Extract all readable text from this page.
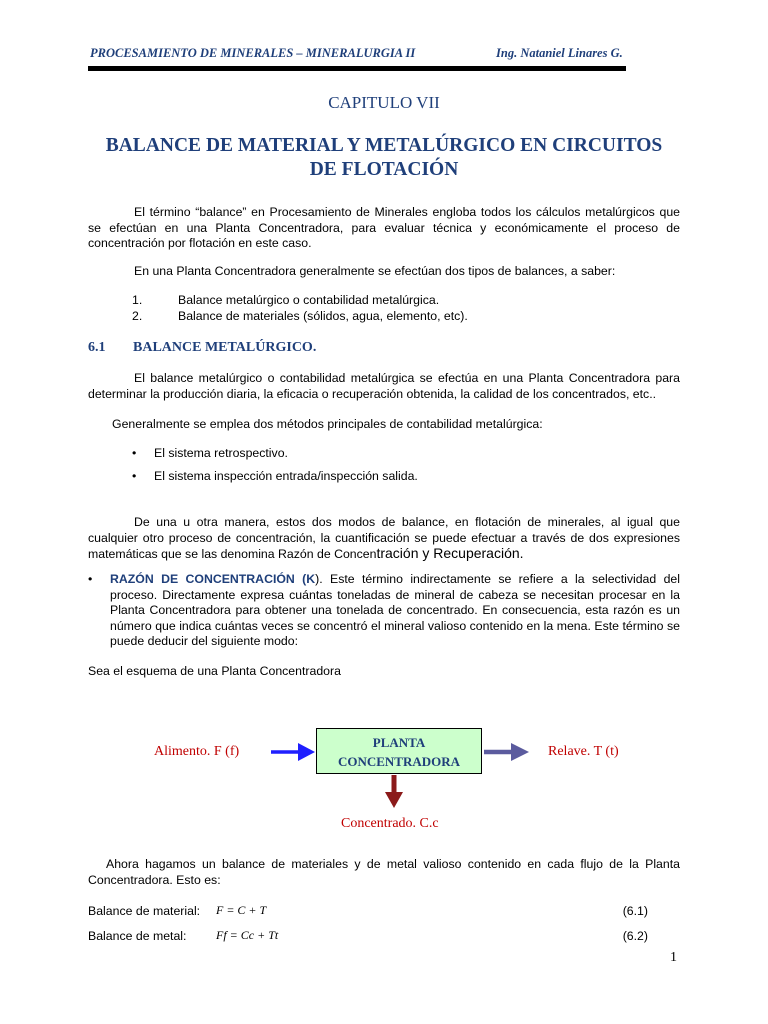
PROCESAMIENTO DE MINERALES – MINERALURGIA II	Ing. Nataniel Linares G.
CAPITULO VII
BALANCE DE MATERIAL Y METALÚRGICO EN CIRCUITOS
DE FLOTACIÓN
El término “balance” en Procesamiento de Minerales engloba todos los cálculos metalúrgicos que se efectúan en una Planta Concentradora, para evaluar técnica y económicamente el proceso de concentración por flotación en este caso.
En una Planta Concentradora generalmente se efectúan dos tipos de balances, a saber:
1.	Balance metalúrgico o contabilidad metalúrgica.
2.	Balance de materiales (sólidos, agua, elemento, etc).
6.1 BALANCE METALÚRGICO.
El balance metalúrgico o contabilidad metalúrgica se efectúa en una Planta Concentradora para determinar la producción diaria, la eficacia o recuperación obtenida, la calidad de los concentrados, etc..
Generalmente se emplea dos métodos principales de contabilidad metalúrgica:
• El sistema retrospectivo.
• El sistema inspección entrada/inspección salida.
De una u otra manera, estos dos modos de balance, en flotación de minerales, al igual que cualquier otro proceso de concentración, la cuantificación se puede efectuar a través de dos expresiones matemáticas que se las denomina Razón de Concentración y Recuperación.
• RAZÓN DE CONCENTRACIÓN (K). Este término indirectamente se refiere a la selectividad del proceso. Directamente expresa cuántas toneladas de mineral de cabeza se necesitan procesar en la Planta Concentradora para obtener una tonelada de concentrado. En consecuencia, esta razón es un número que indica cuántas veces se concentró el mineral valioso contenido en la mena. Este término se puede deducir del siguiente modo:
Sea el esquema de una Planta Concentradora
PLANTA
CONCENTRADORA
Alimento. F (f)	Relave. T (t)
Concentrado. C.c
Ahora hagamos un balance de materiales y de metal valioso contenido en cada flujo de la Planta Concentradora. Esto es:
Balance de material: F = C + T	(6.1)
Balance de metal: Ff = Cc + Tt	(6.2)
1
